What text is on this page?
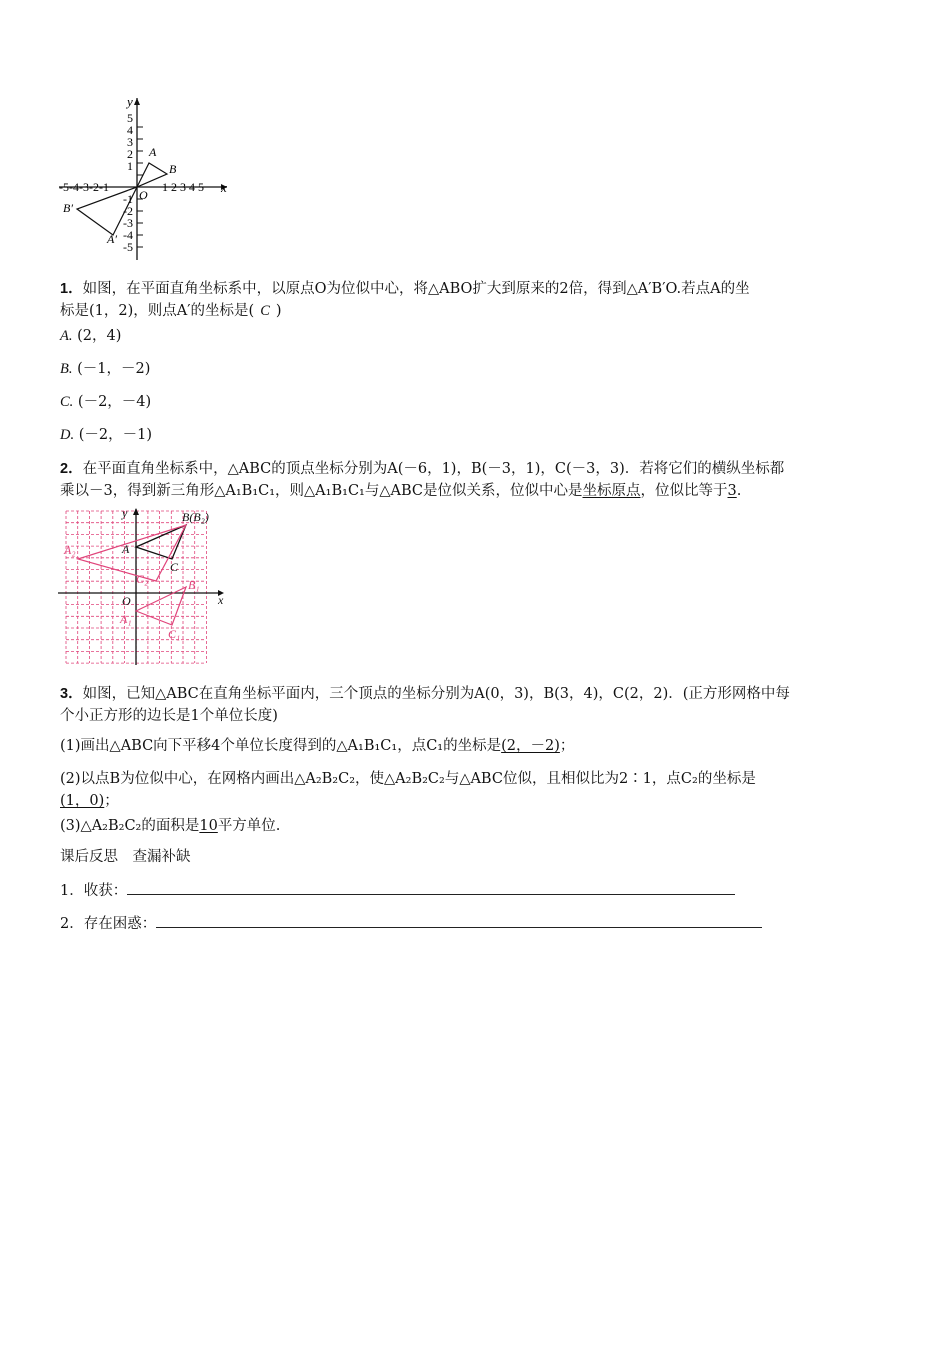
y
x
O
A
B
B′
A′
-5-4-3-2-1	1 2 3 4 5
5
4
3
2
1
-1
-2
-3
-4
-5
1．如图，在平面直角坐标系中，以原点O为位似中心，将△ABO扩大到原来的2倍，得到△A′B′O.若点A的坐
标是(1，2)，则点A′的坐标是( C )
A. (2，4)
B. (－1，－2)
C. (－2，－4)
D. (－2，－1)
2．在平面直角坐标系中，△ABC的顶点坐标分别为A(－6，1)，B(－3，1)，C(－3，3)．若将它们的横纵坐标都
乘以－3，得到新三角形△A₁B₁C₁，则△A₁B₁C₁与△ABC是位似关系，位似中心是坐标原点，位似比等于3.
y
x
O
A
A₂
B(B₂)
C
C₂	B₁
A₁
C₁
3．如图，已知△ABC在直角坐标平面内，三个顶点的坐标分别为A(0，3)，B(3，4)，C(2，2)．(正方形网格中每
个小正方形的边长是1个单位长度)
(1)画出△ABC向下平移4个单位长度得到的△A₁B₁C₁，点C₁的坐标是(2，－2)；
(2)以点B为位似中心，在网格内画出△A₂B₂C₂，使△A₂B₂C₂与△ABC位似，且相似比为2∶1，点C₂的坐标是
(1，0)；
(3)△A₂B₂C₂的面积是10平方单位.
课后反思　查漏补缺
1．收获：
2．存在困惑：
